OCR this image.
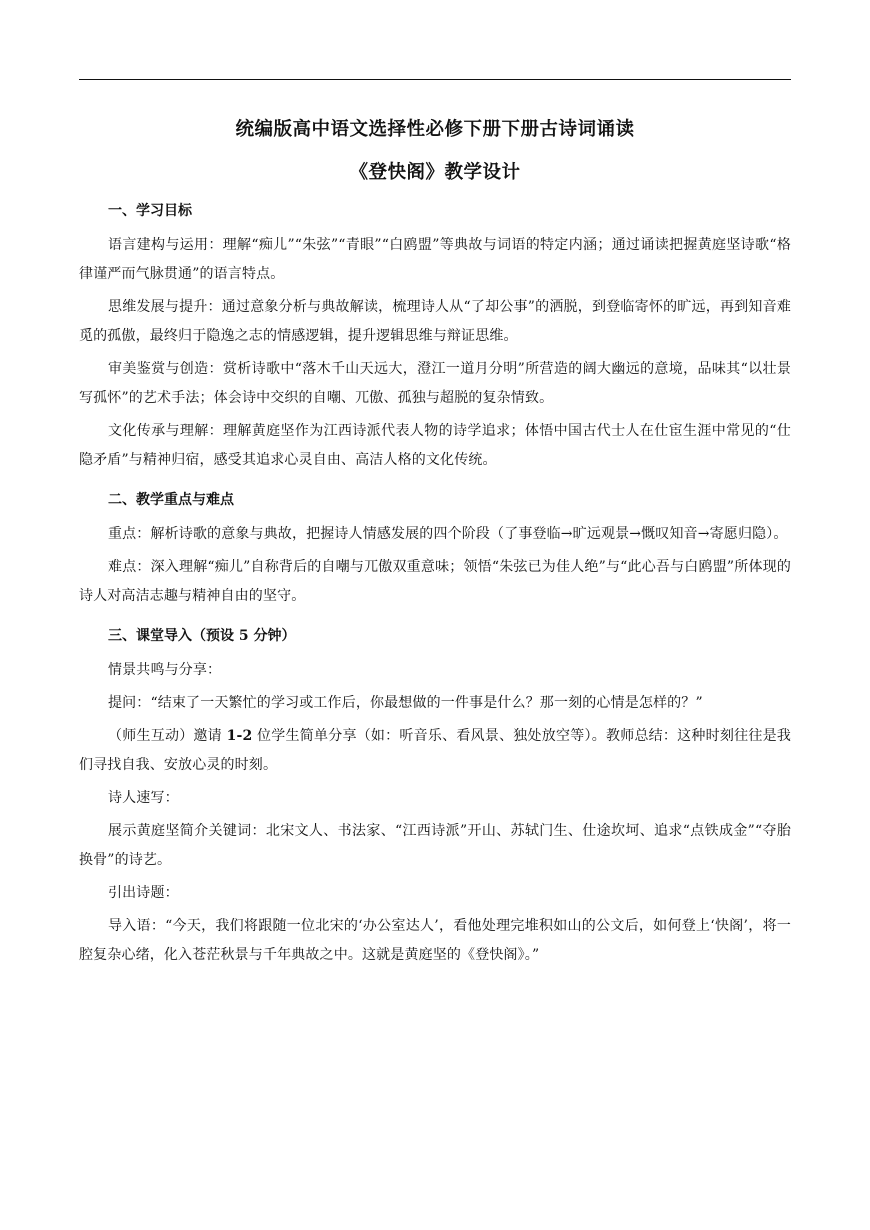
统编版高中语文选择性必修下册下册古诗词诵读

《登快阁》教学设计

一、学习目标

语言建构与运用：理解“痴儿”“朱弦”“青眼”“白鸥盟”等典故与词语的特定内涵；通过诵读把握黄庭坚诗歌“格律谨严而气脉贯通”的语言特点。

思维发展与提升：通过意象分析与典故解读，梳理诗人从“了却公事”的洒脱，到登临寄怀的旷远，再到知音难觅的孤傲，最终归于隐逸之志的情感逻辑，提升逻辑思维与辩证思维。

审美鉴赏与创造：赏析诗歌中“落木千山天远大，澄江一道月分明”所营造的阔大幽远的意境，品味其“以壮景写孤怀”的艺术手法；体会诗中交织的自嘲、兀傲、孤独与超脱的复杂情致。

文化传承与理解：理解黄庭坚作为江西诗派代表人物的诗学追求；体悟中国古代士人在仕宦生涯中常见的“仕隐矛盾”与精神归宿，感受其追求心灵自由、高洁人格的文化传统。

二、教学重点与难点

重点：解析诗歌的意象与典故，把握诗人情感发展的四个阶段（了事登临→旷远观景→慨叹知音→寄愿归隐）。

难点：深入理解“痴儿”自称背后的自嘲与兀傲双重意味；领悟“朱弦已为佳人绝”与“此心吾与白鸥盟”所体现的诗人对高洁志趣与精神自由的坚守。

三、课堂导入（预设 5 分钟）

情景共鸣与分享：

提问：“结束了一天繁忙的学习或工作后，你最想做的一件事是什么？那一刻的心情是怎样的？”

（师生互动）邀请 1-2 位学生简单分享（如：听音乐、看风景、独处放空等）。教师总结：这种时刻往往是我们寻找自我、安放心灵的时刻。

诗人速写：

展示黄庭坚简介关键词：北宋文人、书法家、“江西诗派”开山、苏轼门生、仕途坎坷、追求“点铁成金”“夺胎换骨”的诗艺。

引出诗题：

导入语：“今天，我们将跟随一位北宋的‘办公室达人’，看他处理完堆积如山的公文后，如何登上‘快阁’，将一腔复杂心绪，化入苍茫秋景与千年典故之中。这就是黄庭坚的《登快阁》。”
